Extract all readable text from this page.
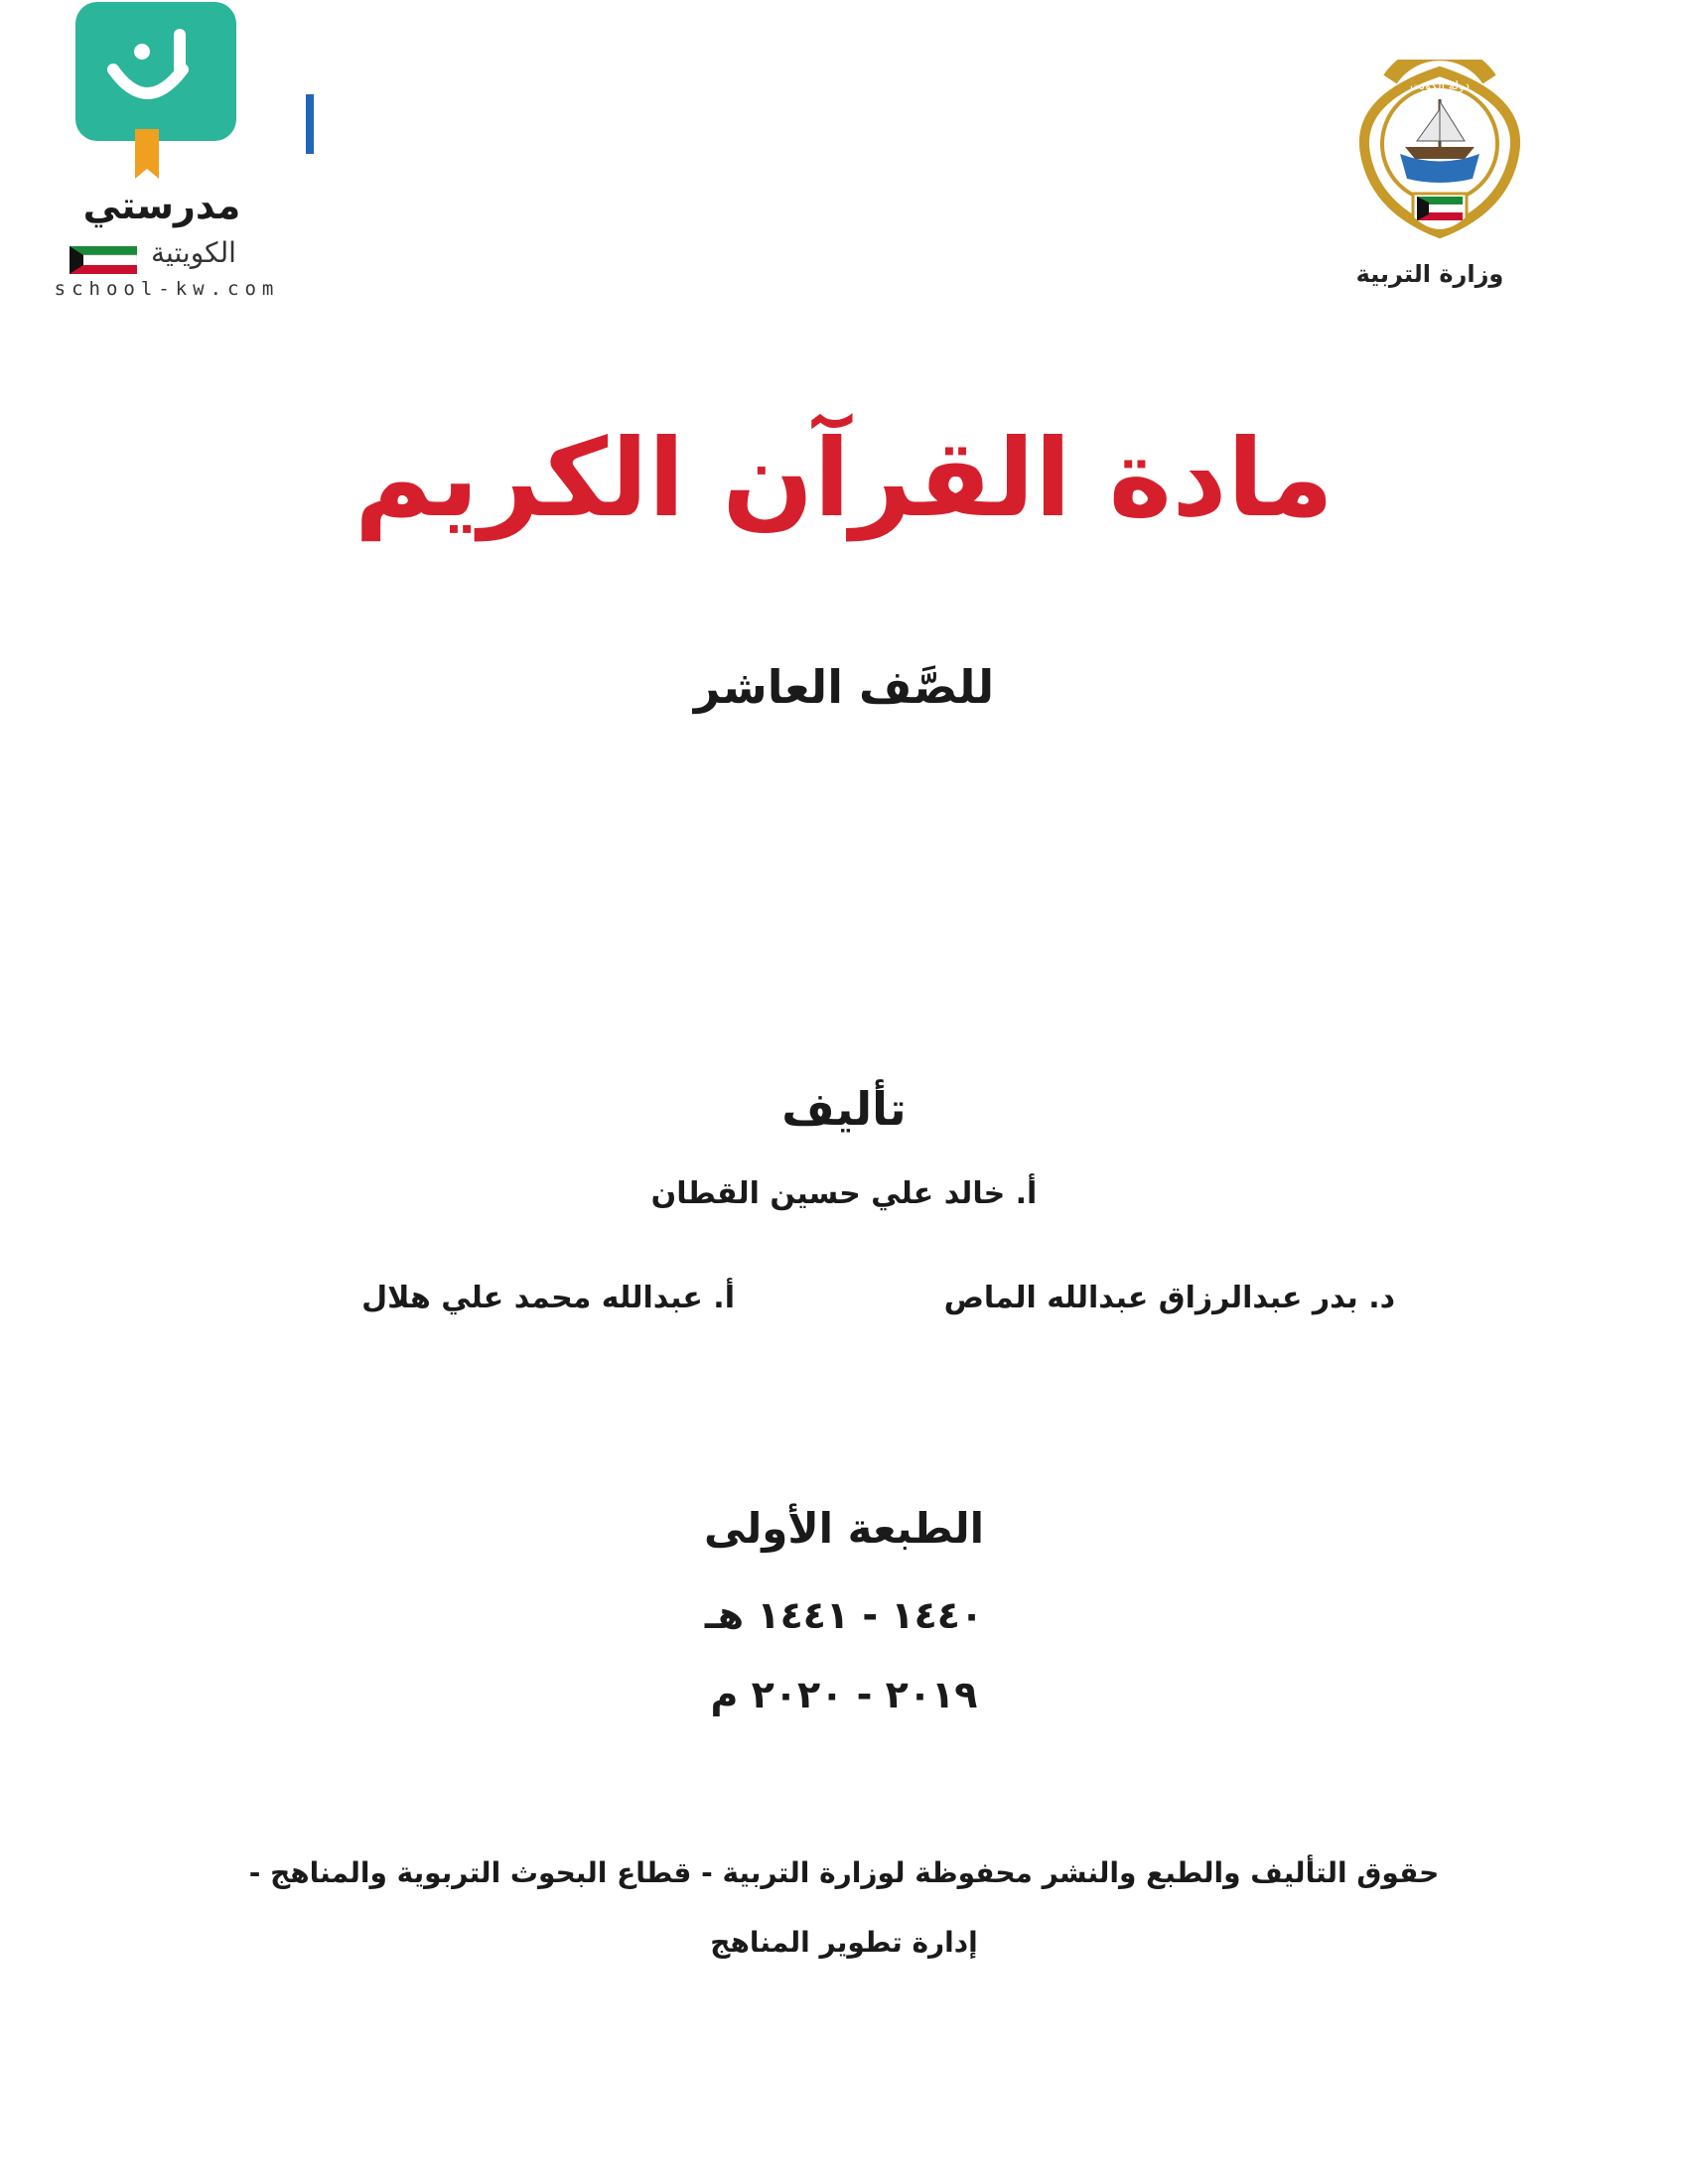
مدرستي
الكويتية
school-kw.com
دولة الكويت
وزارة التربية
مادة القرآن الكريم
للصَّف العاشر
تأليف
أ. خالد علي حسين القطان
د. بدر عبدالرزاق عبدالله الماص
أ. عبدالله محمد علي هلال
الطبعة الأولى
١٤٤٠ - ١٤٤١ هـ
٢٠١٩ - ٢٠٢٠ م
حقوق التأليف والطبع والنشر محفوظة لوزارة التربية - قطاع البحوث التربوية والمناهج -
إدارة تطوير المناهج
